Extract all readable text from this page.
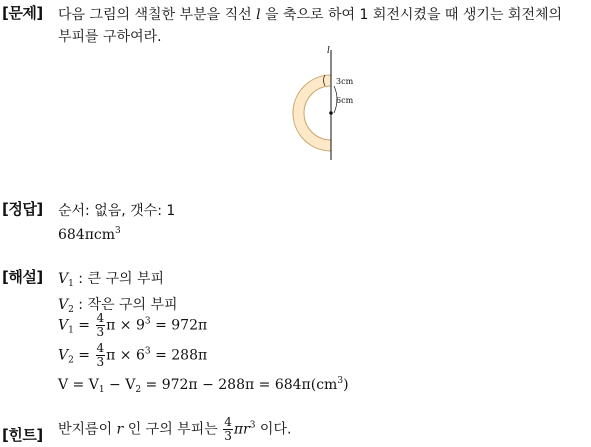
[문제] 다음 그림의 색칠한 부분을 직선 l 을 축으로 하여 1 회전시켰을 때 생기는 회전체의
부피를 구하여라.
l
3cm
6cm
[정답] 순서: 없음, 갯수: 1
684πcm$^3$
[해설] $V_1$ : 큰 구의 부피
$V_2$ : 작은 구의 부피
$V_1 = \frac{4}{3}$ $\pi \times 9^3 = 972\pi$
$V_2 = \frac{4}{3}$ $\pi \times 6^3 = 288\pi$
$V = V_1 - V_2 = 972\pi - 288\pi = 684\pi(cm^3)$
[힌트] 반지름이 r 인 구의 부피는 $\frac{4}{3} \pi r^3$ 이다.
